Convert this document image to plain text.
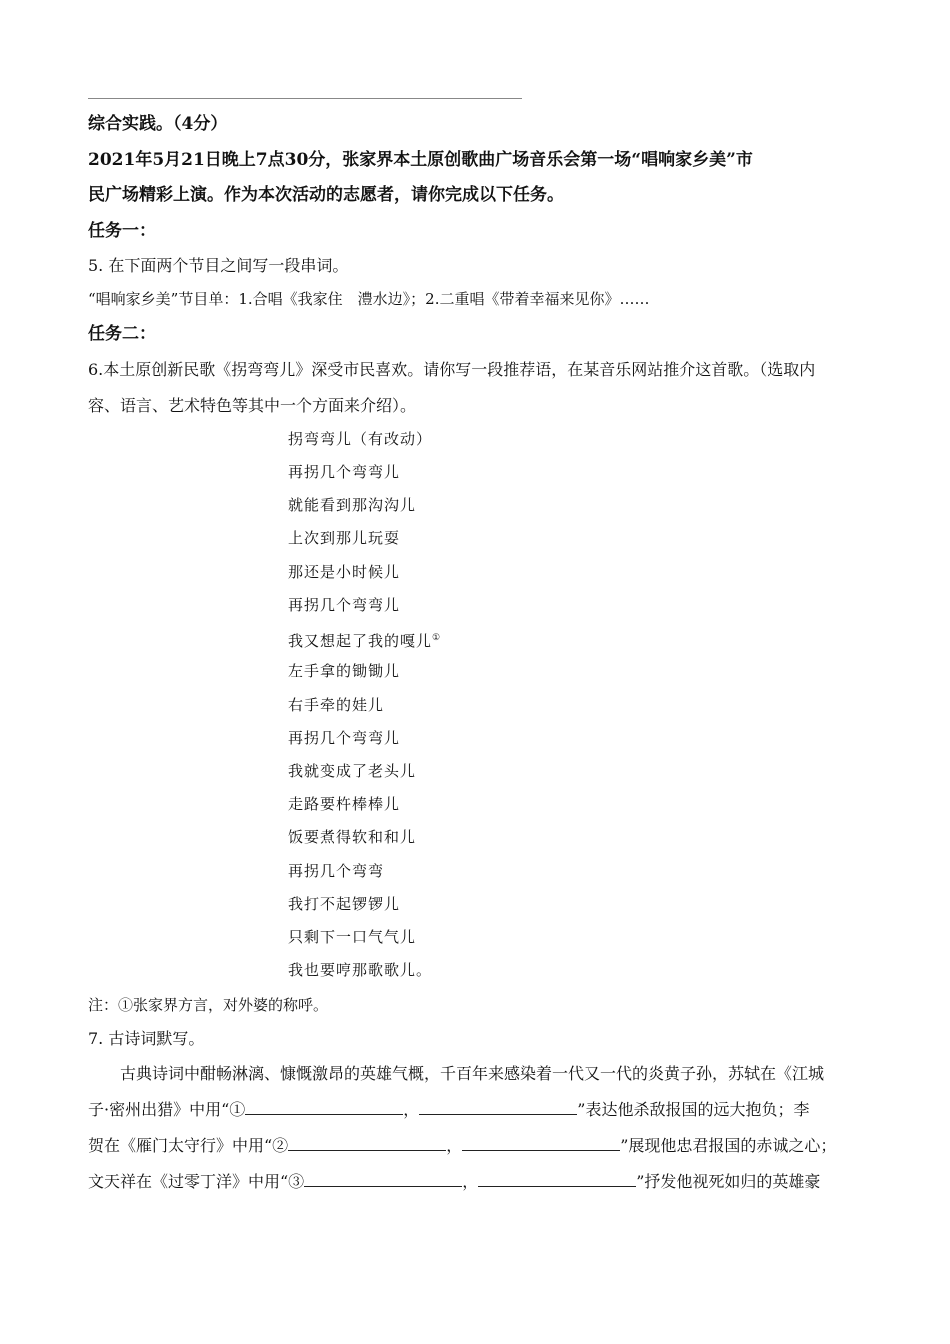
综合实践。（4分）
2021年5月21日晚上7点30分，张家界本土原创歌曲广场音乐会第一场“唱响家乡美”市
民广场精彩上演。作为本次活动的志愿者，请你完成以下任务。
任务一：
5. 在下面两个节目之间写一段串词。
“唱响家乡美”节目单：1.合唱《我家住　澧水边》；2.二重唱《带着幸福来见你》……
任务二：
6.本土原创新民歌《拐弯弯儿》深受市民喜欢。请你写一段推荐语，在某音乐网站推介这首歌。（选取内
容、语言、艺术特色等其中一个方面来介绍）。
拐弯弯儿（有改动）
再拐几个弯弯儿
就能看到那沟沟儿
上次到那儿玩耍
那还是小时候儿
再拐几个弯弯儿
我又想起了我的嘎儿①
左手拿的锄锄儿
右手牵的娃儿
再拐几个弯弯儿
我就变成了老头儿
走路要杵棒棒儿
饭要煮得软和和儿
再拐几个弯弯
我打不起锣锣儿
只剩下一口气气儿
我也要哼那歌歌儿。
注：①张家界方言，对外婆的称呼。
7. 古诗词默写。
古典诗词中酣畅淋漓、慷慨激昂的英雄气概，千百年来感染着一代又一代的炎黄子孙，苏轼在《江城
子·密州出猎》中用“①	，	”表达他杀敌报国的远大抱负；李
贺在《雁门太守行》中用“②	，	”展现他忠君报国的赤诚之心；
文天祥在《过零丁洋》中用“③	，	”抒发他视死如归的英雄豪
